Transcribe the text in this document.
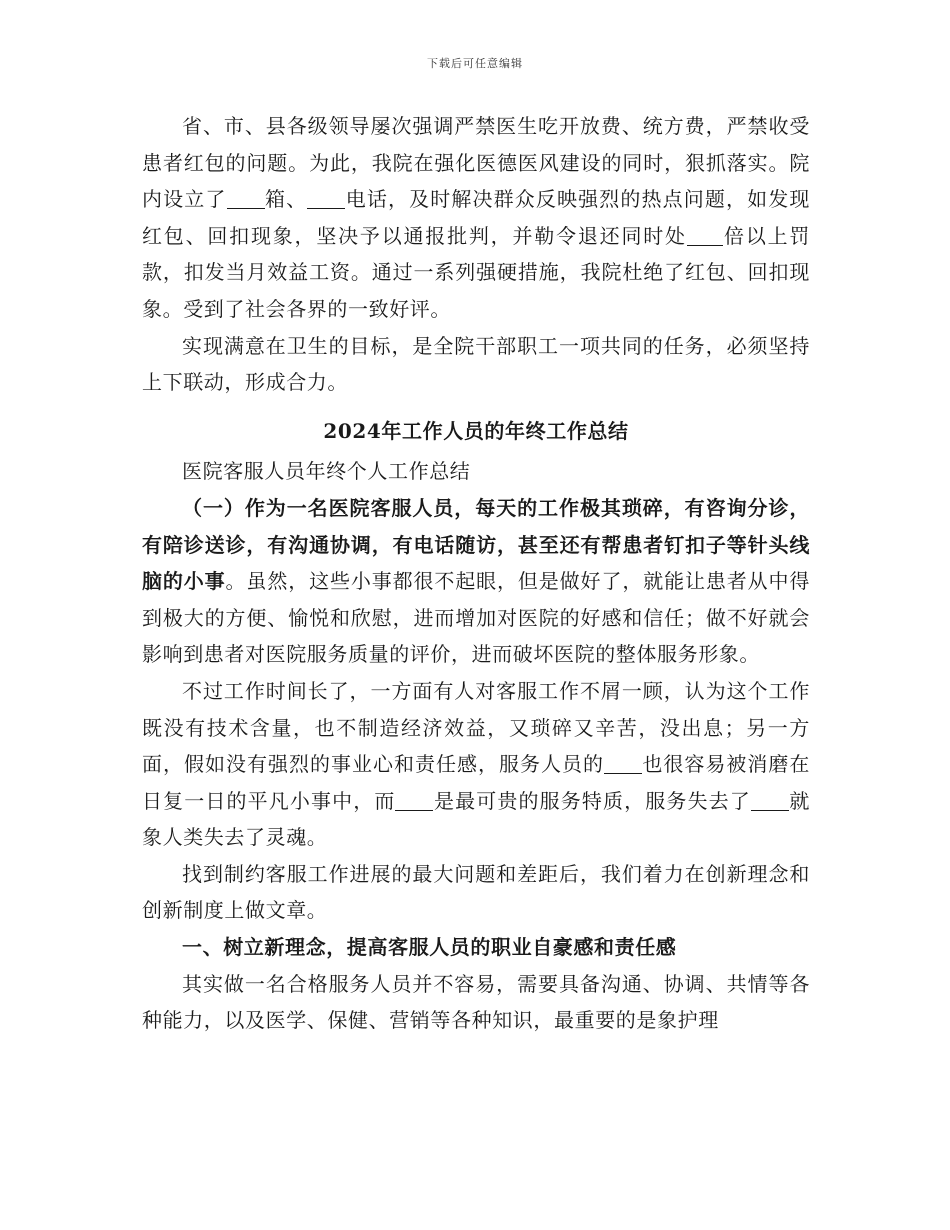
下载后可任意编辑

省、市、县各级领导屡次强调严禁医生吃开放费、统方费，严禁收受患者红包的问题。为此，我院在强化医德医风建设的同时，狠抓落实。院内设立了 箱、 电话，及时解决群众反映强烈的热点问题，如发现红包、回扣现象，坚决予以通报批判，并勒令退还同时处 倍以上罚款，扣发当月效益工资。通过一系列强硬措施，我院杜绝了红包、回扣现象。受到了社会各界的一致好评。

实现满意在卫生的目标，是全院干部职工一项共同的任务，必须坚持上下联动，形成合力。

2024年工作人员的年终工作总结

医院客服人员年终个人工作总结

（一）作为一名医院客服人员，每天的工作极其琐碎，有咨询分诊，有陪诊送诊，有沟通协调，有电话随访，甚至还有帮患者钉扣子等针头线脑的小事。虽然，这些小事都很不起眼，但是做好了，就能让患者从中得到极大的方便、愉悦和欣慰，进而增加对医院的好感和信任；做不好就会影响到患者对医院服务质量的评价，进而破坏医院的整体服务形象。

不过工作时间长了，一方面有人对客服工作不屑一顾，认为这个工作既没有技术含量，也不制造经济效益，又琐碎又辛苦，没出息；另一方面，假如没有强烈的事业心和责任感，服务人员的 也很容易被消磨在日复一日的平凡小事中，而 是最可贵的服务特质，服务失去了 就象人类失去了灵魂。

找到制约客服工作进展的最大问题和差距后，我们着力在创新理念和创新制度上做文章。

一、树立新理念，提高客服人员的职业自豪感和责任感

其实做一名合格服务人员并不容易，需要具备沟通、协调、共情等各种能力，以及医学、保健、营销等各种知识，最重要的是象护理
